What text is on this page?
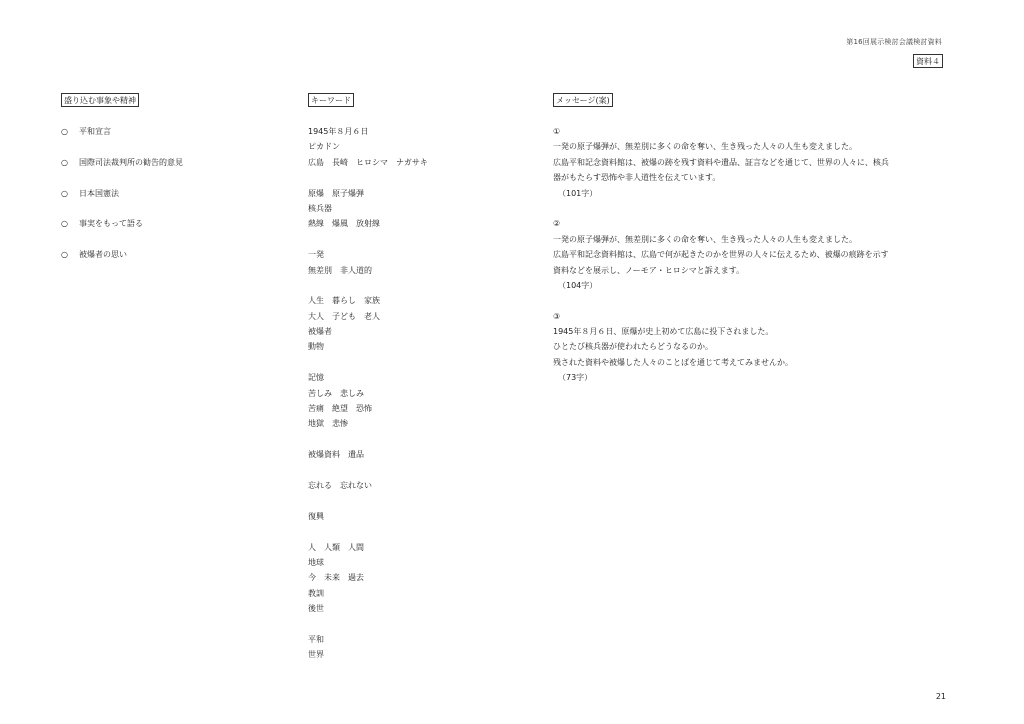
第16回展示検討会議検討資料
資料４
盛り込む事象や精神	キーワード	メッセージ(案)
○ 平和宣言
○ 国際司法裁判所の勧告的意見
○ 日本国憲法
○ 事実をもって語る
○ 被爆者の思い
1945年８月６日
ピカドン
広島　長崎　ヒロシマ　ナガサキ
原爆　原子爆弾
核兵器
熱線　爆風　放射線
一発
無差別　非人道的
人生　暮らし　家族
大人　子ども　老人
被爆者
動物
記憶
苦しみ　悲しみ
苦痛　絶望　恐怖
地獄　悲惨
被爆資料　遺品
忘れる　忘れない
復興
人　人類　人間
地球
今　未来　過去
教訓
後世
平和
世界
①
一発の原子爆弾が、無差別に多くの命を奪い、生き残った人々の人生も変えました。
広島平和記念資料館は、被爆の跡を残す資料や遺品、証言などを通じて、世界の人々に、核兵
器がもたらす恐怖や非人道性を伝えています。
（101字）
②
一発の原子爆弾が、無差別に多くの命を奪い、生き残った人々の人生も変えました。
広島平和記念資料館は、広島で何が起きたのかを世界の人々に伝えるため、被爆の痕跡を示す
資料などを展示し、ノーモア・ヒロシマと訴えます。
（104字）
③
1945年８月６日、原爆が史上初めて広島に投下されました。
ひとたび核兵器が使われたらどうなるのか。
残された資料や被爆した人々のことばを通じて考えてみませんか。
（73字）
21
